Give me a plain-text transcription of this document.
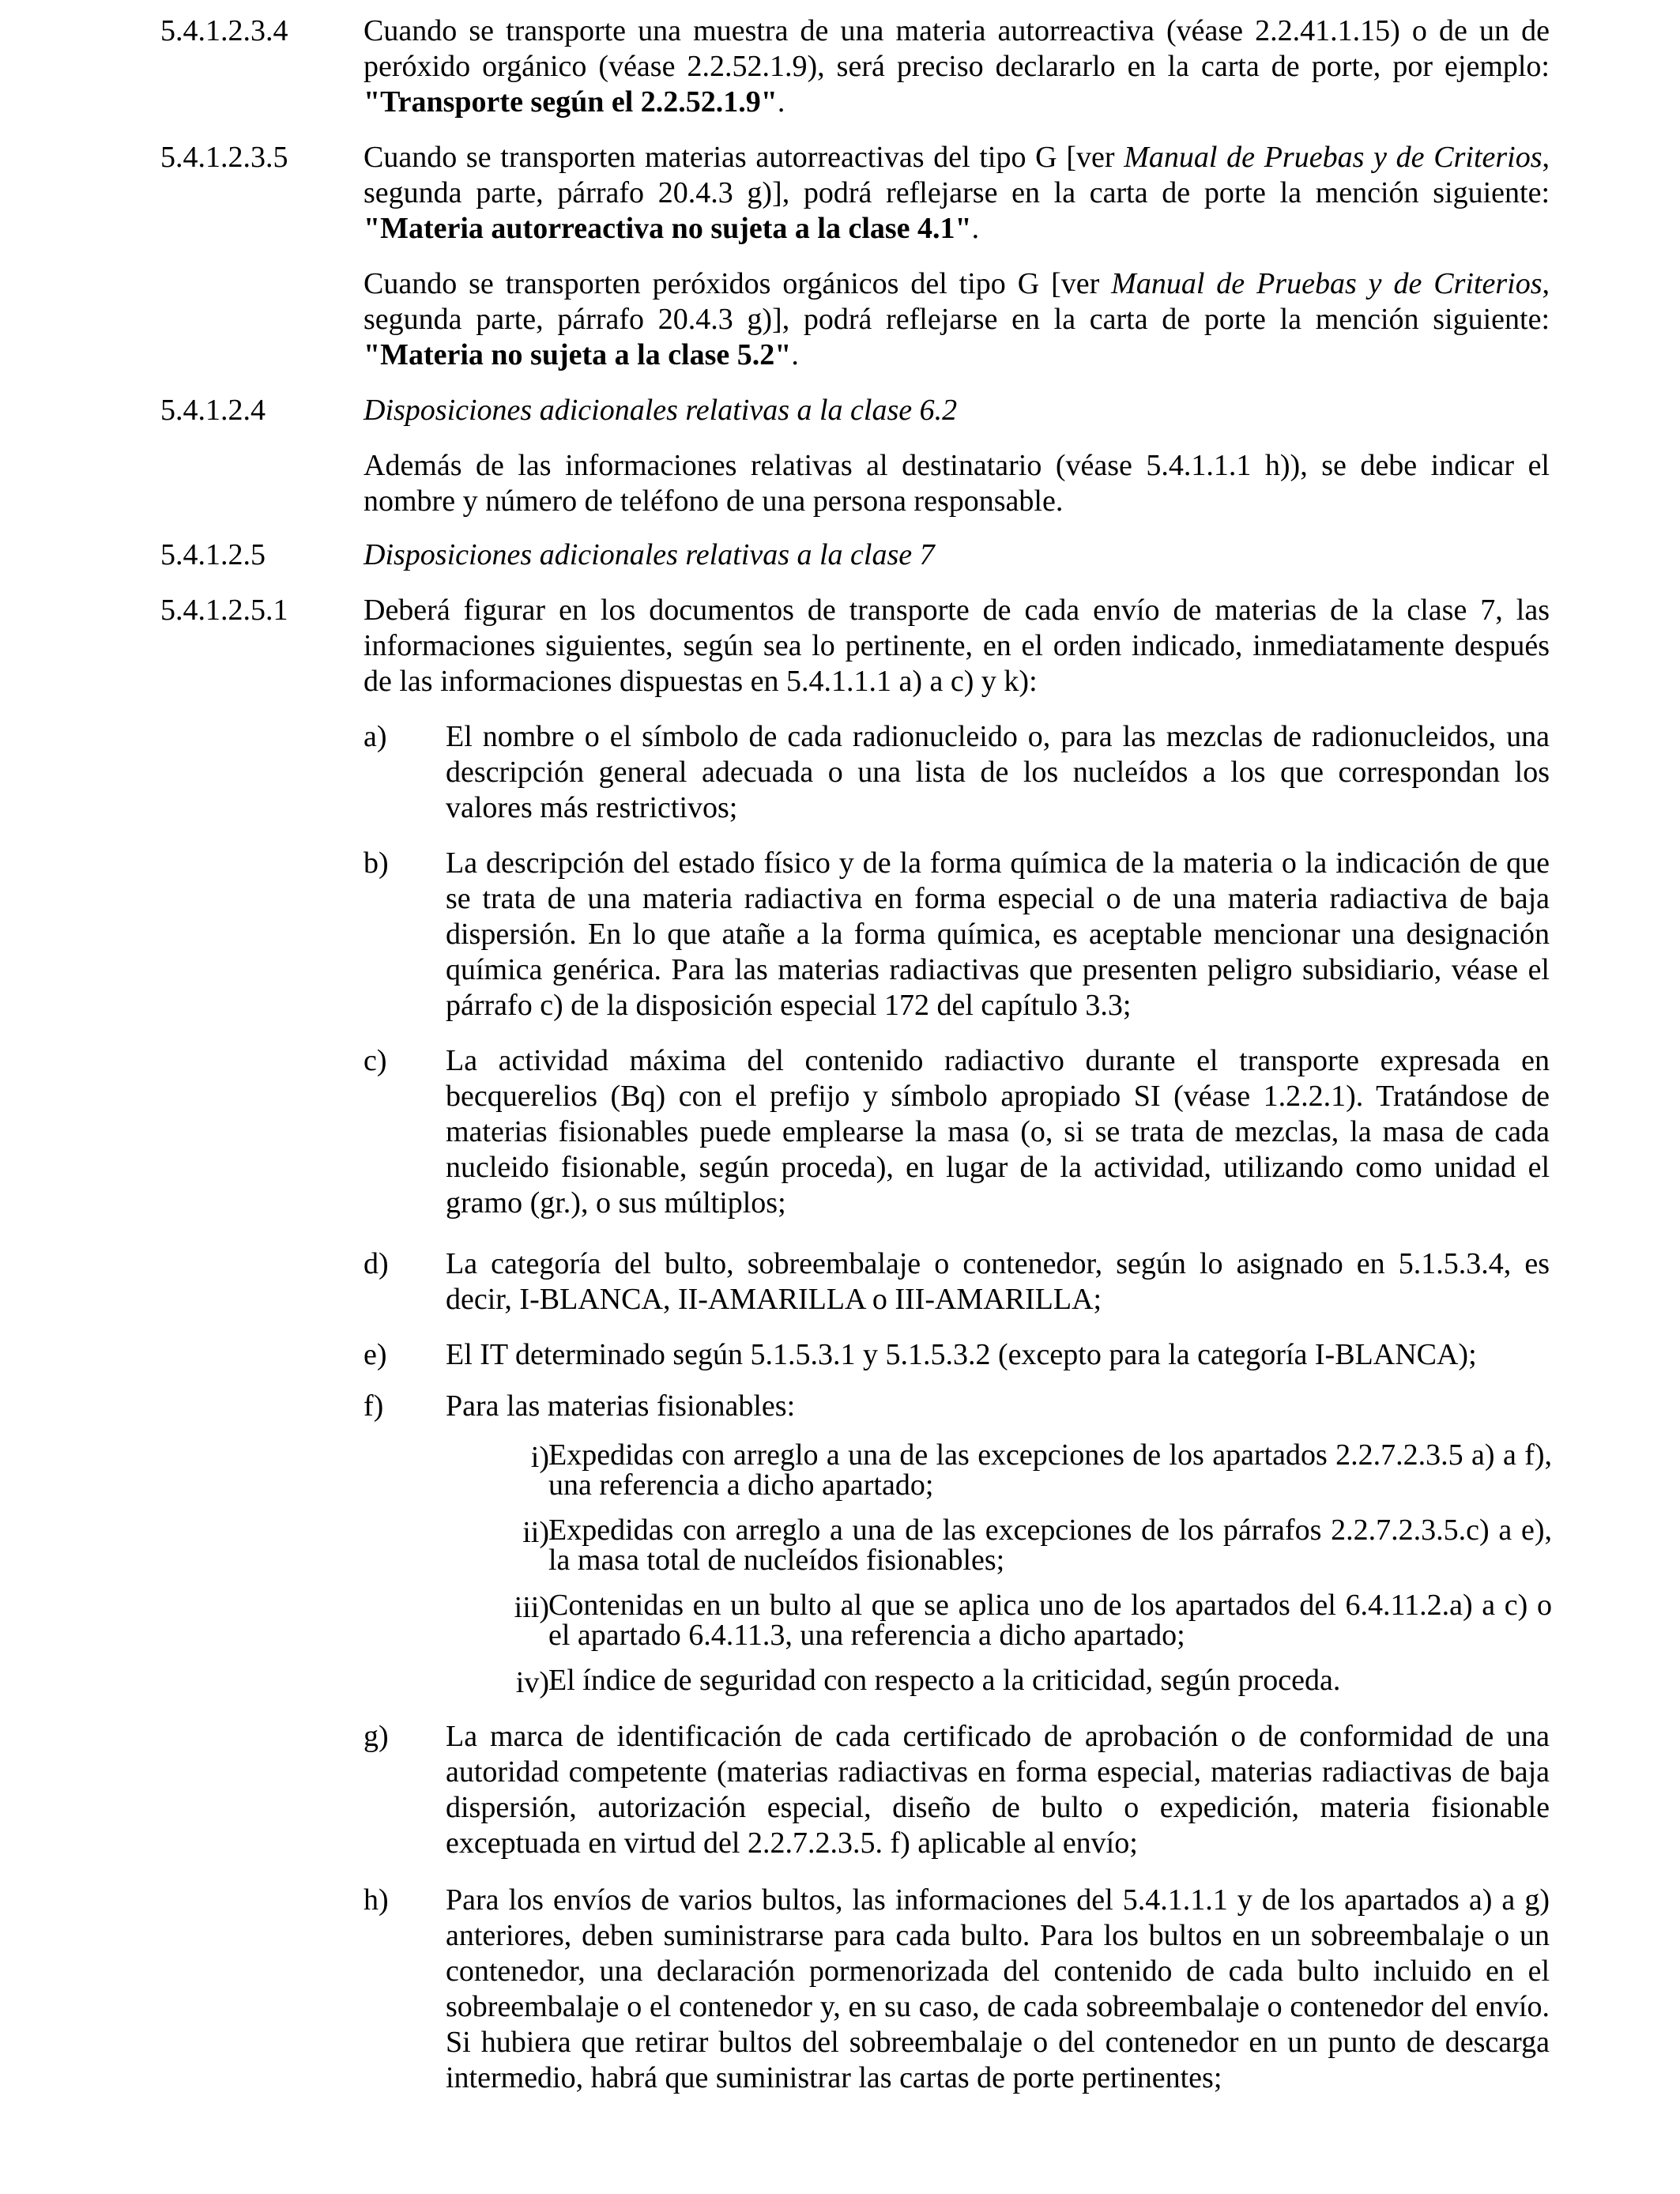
5.4.1.2.3.4	Cuando se transporte una muestra de una materia autorreactiva (véase 2.2.41.1.15) o de un de peróxido orgánico (véase 2.2.52.1.9), será preciso declararlo en la carta de porte, por ejemplo: "Transporte según el 2.2.52.1.9".
5.4.1.2.3.5	Cuando se transporten materias autorreactivas del tipo G [ver Manual de Pruebas y de Criterios, segunda parte, párrafo 20.4.3 g)], podrá reflejarse en la carta de porte la mención siguiente: "Materia autorreactiva no sujeta a la clase 4.1".
Cuando se transporten peróxidos orgánicos del tipo G [ver Manual de Pruebas y de Criterios, segunda parte, párrafo 20.4.3 g)], podrá reflejarse en la carta de porte la mención siguiente: "Materia no sujeta a la clase 5.2".
5.4.1.2.4	Disposiciones adicionales relativas a la clase 6.2
Además de las informaciones relativas al destinatario (véase 5.4.1.1.1 h)), se debe indicar el nombre y número de teléfono de una persona responsable.
5.4.1.2.5	Disposiciones adicionales relativas a la clase 7
5.4.1.2.5.1	Deberá figurar en los documentos de transporte de cada envío de materias de la clase 7, las informaciones siguientes, según sea lo pertinente, en el orden indicado, inmediatamente después de las informaciones dispuestas en 5.4.1.1.1 a) a c) y k):
a)	El nombre o el símbolo de cada radionucleido o, para las mezclas de radionucleidos, una descripción general adecuada o una lista de los nucleídos a los que correspondan los valores más restrictivos;
b)	La descripción del estado físico y de la forma química de la materia o la indicación de que se trata de una materia radiactiva en forma especial o de una materia radiactiva de baja dispersión. En lo que atañe a la forma química, es aceptable mencionar una designación química genérica. Para las materias radiactivas que presenten peligro subsidiario, véase el párrafo c) de la disposición especial 172 del capítulo 3.3;
c)	La actividad máxima del contenido radiactivo durante el transporte expresada en becquerelios (Bq) con el prefijo y símbolo apropiado SI (véase 1.2.2.1). Tratándose de materias fisionables puede emplearse la masa (o, si se trata de mezclas, la masa de cada nucleido fisionable, según proceda), en lugar de la actividad, utilizando como unidad el gramo (gr.), o sus múltiplos;
d)	La categoría del bulto, sobreembalaje o contenedor, según lo asignado en 5.1.5.3.4, es decir, I-BLANCA, II-AMARILLA o III-AMARILLA;
e)	El IT determinado según 5.1.5.3.1 y 5.1.5.3.2 (excepto para la categoría I-BLANCA);
f)	Para las materias fisionables:
i) Expedidas con arreglo a una de las excepciones de los apartados 2.2.7.2.3.5 a) a f), una referencia a dicho apartado;
ii) Expedidas con arreglo a una de las excepciones de los párrafos 2.2.7.2.3.5.c) a e), la masa total de nucleídos fisionables;
iii) Contenidas en un bulto al que se aplica uno de los apartados del 6.4.11.2.a) a c) o el apartado 6.4.11.3, una referencia a dicho apartado;
iv) El índice de seguridad con respecto a la criticidad, según proceda.
g)	La marca de identificación de cada certificado de aprobación o de conformidad de una autoridad competente (materias radiactivas en forma especial, materias radiactivas de baja dispersión, autorización especial, diseño de bulto o expedición, materia fisionable exceptuada en virtud del 2.2.7.2.3.5. f) aplicable al envío;
h)	Para los envíos de varios bultos, las informaciones del 5.4.1.1.1 y de los apartados a) a g) anteriores, deben suministrarse para cada bulto. Para los bultos en un sobreembalaje o un contenedor, una declaración pormenorizada del contenido de cada bulto incluido en el sobreembalaje o el contenedor y, en su caso, de cada sobreembalaje o contenedor del envío. Si hubiera que retirar bultos del sobreembalaje o del contenedor en un punto de descarga intermedio, habrá que suministrar las cartas de porte pertinentes;
